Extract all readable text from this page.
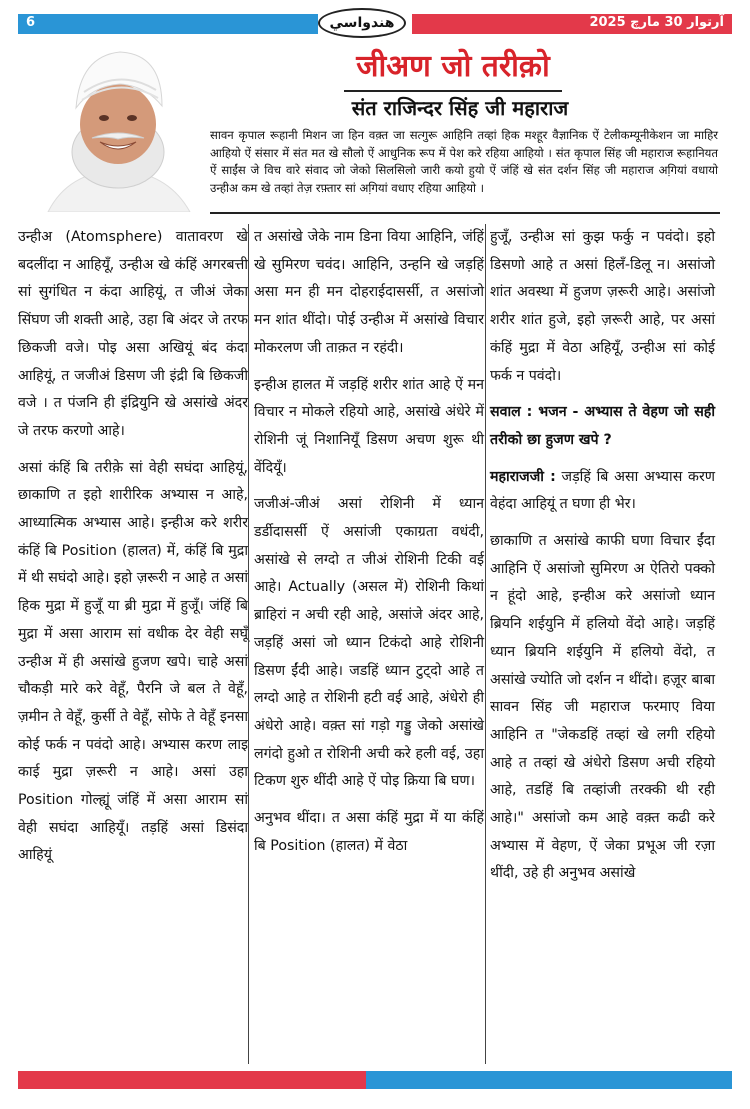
6	آرتوار 30 مارچ 2025
هندواسي
जीअण जो तरीक़ो
संत राजिन्दर सिंह जी महाराज
सावन कृपाल रूहानी मिशन जा हिन वक़्त जा सत्गुरू आहिनि तव्हां हिक मश्हूर वैज्ञानिक ऐं टेलीकम्यूनीकेशन जा माहिर आहियो ऐं संसार में संत मत खे सौलो ऐं आधुनिक रूप में पेश करे रहिया आहियो । संत कृपाल सिंह जी महाराज रूहानियत ऐं साईंस जे विच वारे संवाद जो जेको सिलसिलो जारी कयो हुयो ऐं जंहिं खे संत दर्शन सिंह जी महाराज अगि़यां वधायो उन्हीअ कम खे तव्हां तेज़ रफ़्तार सां अगि़यां वधाए रहिया आहियो ।

उन्हीअ (Atomsphere) वातावरण खे बदलींदा न आहियूँ, उन्हीअ खे कंहिं अगरबत्ती सां सुगंधित न कंदा आहियूं, त जीअं जेका सिंघण जी शक्ती आहे, उहा बि अंदर जे तरफ छिकजी वजे। पोइ असा अखियूं बंद कंदा आहियूं, त जजीअं डिसण जी इंद्री बि छिकजी वजे । त पंजनि ही इंद्रियुनि खे असांखे अंदर जे तरफ करणो आहे।

असां कंहिं बि तरीक़े सां वेही सघंदा आहियूं, छाकाणि त इहो शारीरिक अभ्यास न आहे, आध्यात्मिक अभ्यास आहे। इन्हीअ करे शरीर कंहिं बि Position (हालत) में, कंहिं बि मुद्रा में थी सघंदो आहे। इहो ज़रूरी न आहे त असां हिक मुद्रा में हुजूँ या ब्री मुद्रा में हुजूँ। जंहिं बि मुद्रा में असा आराम सां वधीक देर वेही सघूँ उन्हीअ में ही असांखे हुजण खपे। चाहे असां चौकड़ी मारे करे वेहूँ, पैरनि जे बल ते वेहूँ, ज़मीन ते वेहूँ, कुर्सी ते वेहूँ, सोफे ते वेहूँ इनसा कोई फर्क न पवंदो आहे। अभ्यास करण लाइ काई मुद्रा ज़रूरी न आहे। असां उहा Position गोल्ह्यूं जंहिं में असा आराम सां वेही सघंदा आहियूँ। तड़हिं असां डिसंदा आहियूं

त असांखे जेके नाम डिना विया आहिनि, जंहिं खे सुमिरण चवंद। आहिनि, उन्हनि खे जड़हिं असा मन ही मन दोहराईदासर्सी, त असांजो मन शांत थींदो। पोई उन्हीअ में असांखे विचार मोकरलण जी ताक़त न रहंदी।

इन्हीअ हालत में जड़हिं शरीर शांत आहे ऐं मन विचार न मोकले रहियो आहे, असांखे अंधेरे में रोशिनी जूं निशानियूँ डिसण अचण शुरू थी वेंदियूँ।

जजीअं-जीअं असां रोशिनी में ध्यान डर्डीदासर्सी ऐं असांजी एकाग्रता वधंदी, असांखे से लग्दो त जीअं रोशिनी टिकी वई आहे। Actually (असल में) रोशिनी किथां ब्राहिरां न अची रही आहे, असांजे अंदर आहे, जड़हिं असां जो ध्यान टिकंदो आहे रोशिनी डिसण ईंदी आहे। जडहिं ध्यान टुट्दो आहे त लग्दो आहे त रोशिनी हटी वई आहे, अंधेरो ही अंधेरो आहे। वक़्त सां गड़ो गड्डु जेको असांखे लगंदो हुओ त रोशिनी अची करे हली वई, उहा टिकण शुरु थींदी आहे ऐं पोइ क्रिया बि घण।

अनुभव थींदा। त असा कंहिं मुद्रा में या कंहिं बि Position (हालत) में वेठा

हुजूँ, उन्हीअ सां कुझ फर्कु न पवंदो। इहो डिसणो आहे त असां हिलँ-डिलू न। असांजो शांत अवस्था में हुजण ज़रूरी आहे। असांजो शरीर शांत हुजे, इहो ज़रूरी आहे, पर असां कंहिं मुद्रा में वेठा अहियूँ, उन्हीअ सां कोई फर्क न पवंदो।

सवाल : भजन - अभ्यास ते वेहण जो सही तरीको छा हुजण खपे ?

महाराजजी : जड़हिं बि असा अभ्यास करण वेहंदा आहियूं त घणा ही भेर।

छाकाणि त असांखे काफी घणा विचार ईंदा आहिनि ऐं असांजो सुमिरण अ ऐतिरो पक्को न हूंदो आहे, इन्हीअ करे असांजो ध्यान ब्रियनि शईयुनि में हलियो वेंदो आहे। जड़हिं ध्यान ब्रियनि शईयुनि में हलियो वेंदो, त असांखे ज्योति जो दर्शन न थींदो। हज़ूर बाबा सावन सिंह जी महाराज फरमाए विया आहिनि त "जेकडहिं तव्हां खे लगी रहियो आहे त तव्हां खे अंधेरो डिसण अची रहियो आहे, तडहिं बि तव्हांजी तरक्की थी रही आहे।" असांजो कम आहे वक़्त कढी करे अभ्यास में वेहण, ऐं जेका प्रभूअ जी रज़ा थींदी, उहे ही अनुभव असांखे
